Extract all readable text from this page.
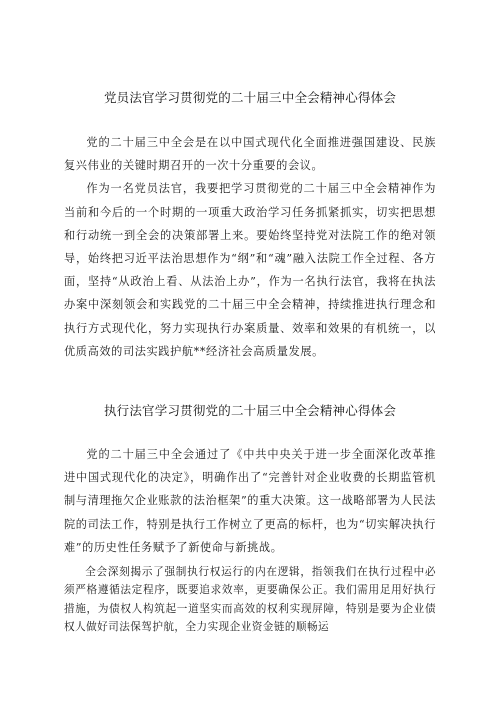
党员法官学习贯彻党的二十届三中全会精神心得体会

党的二十届三中全会是在以中国式现代化全面推进强国建设、民族复兴伟业的关键时期召开的一次十分重要的会议。

作为一名党员法官，我要把学习贯彻党的二十届三中全会精神作为当前和今后的一个时期的一项重大政治学习任务抓紧抓实，切实把思想和行动统一到全会的决策部署上来。要始终坚持党对法院工作的绝对领导，始终把习近平法治思想作为“纲”和“魂”融入法院工作全过程、各方面，坚持“从政治上看、从法治上办”，作为一名执行法官，我将在执法办案中深刻领会和实践党的二十届三中全会精神，持续推进执行理念和执行方式现代化，努力实现执行办案质量、效率和效果的有机统一，以优质高效的司法实践护航**经济社会高质量发展。

执行法官学习贯彻党的二十届三中全会精神心得体会

党的二十届三中全会通过了《中共中央关于进一步全面深化改革推进中国式现代化的决定》，明确作出了“完善针对企业收费的长期监管机制与清理拖欠企业账款的法治框架”的重大决策。这一战略部署为人民法院的司法工作，特别是执行工作树立了更高的标杆，也为“切实解决执行难”的历史性任务赋予了新使命与新挑战。

全会深刻揭示了强制执行权运行的内在逻辑，指领我们在执行过程中必须严格遵循法定程序，既要追求效率，更要确保公正。我们需用足用好执行措施，为债权人构筑起一道坚实而高效的权利实现屏障，特别是要为企业债权人做好司法保驾护航，全力实现企业资金链的顺畅运
